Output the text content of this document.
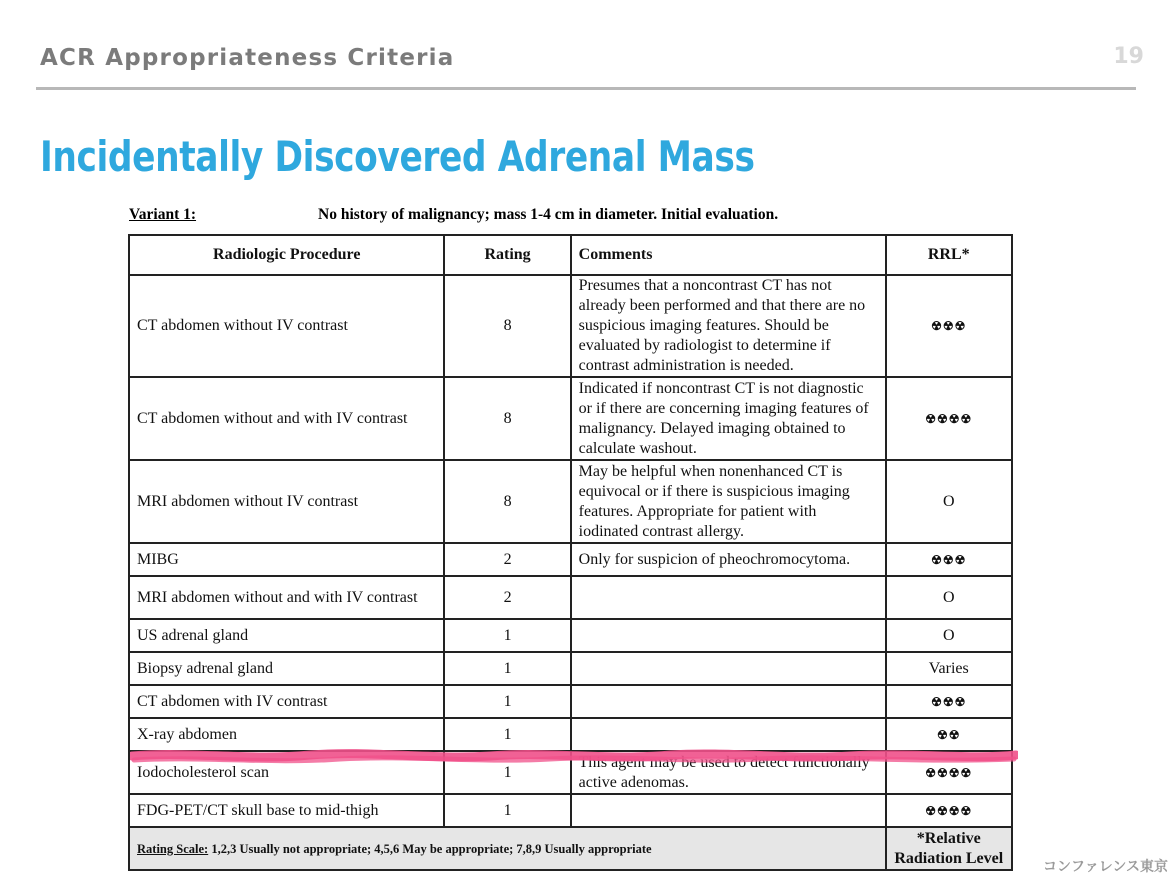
ACR Appropriateness Criteria	19
Incidentally Discovered Adrenal Mass
Variant 1:	No history of malignancy; mass 1-4 cm in diameter. Initial evaluation.
Radiologic Procedure	Rating	Comments	RRL*
CT abdomen without IV contrast	8	Presumes that a noncontrast CT has not already been performed and that there are no suspicious imaging features. Should be evaluated by radiologist to determine if contrast administration is needed.	☢☢☢
CT abdomen without and with IV contrast	8	Indicated if noncontrast CT is not diagnostic or if there are concerning imaging features of malignancy. Delayed imaging obtained to calculate washout.	☢☢☢☢
MRI abdomen without IV contrast	8	May be helpful when nonenhanced CT is equivocal or if there is suspicious imaging features. Appropriate for patient with iodinated contrast allergy.	O
MIBG	2	Only for suspicion of pheochromocytoma.	☢☢☢
MRI abdomen without and with IV contrast	2		O
US adrenal gland	1		O
Biopsy adrenal gland	1		Varies
CT abdomen with IV contrast	1		☢☢☢
X-ray abdomen	1		☢☢
Iodocholesterol scan	1	This agent may be used to detect functionally active adenomas.	☢☢☢☢
FDG-PET/CT skull base to mid-thigh	1		☢☢☢☢
Rating Scale: 1,2,3 Usually not appropriate; 4,5,6 May be appropriate; 7,8,9 Usually appropriate			*Relative
Radiation Level
コンファレンス東京
